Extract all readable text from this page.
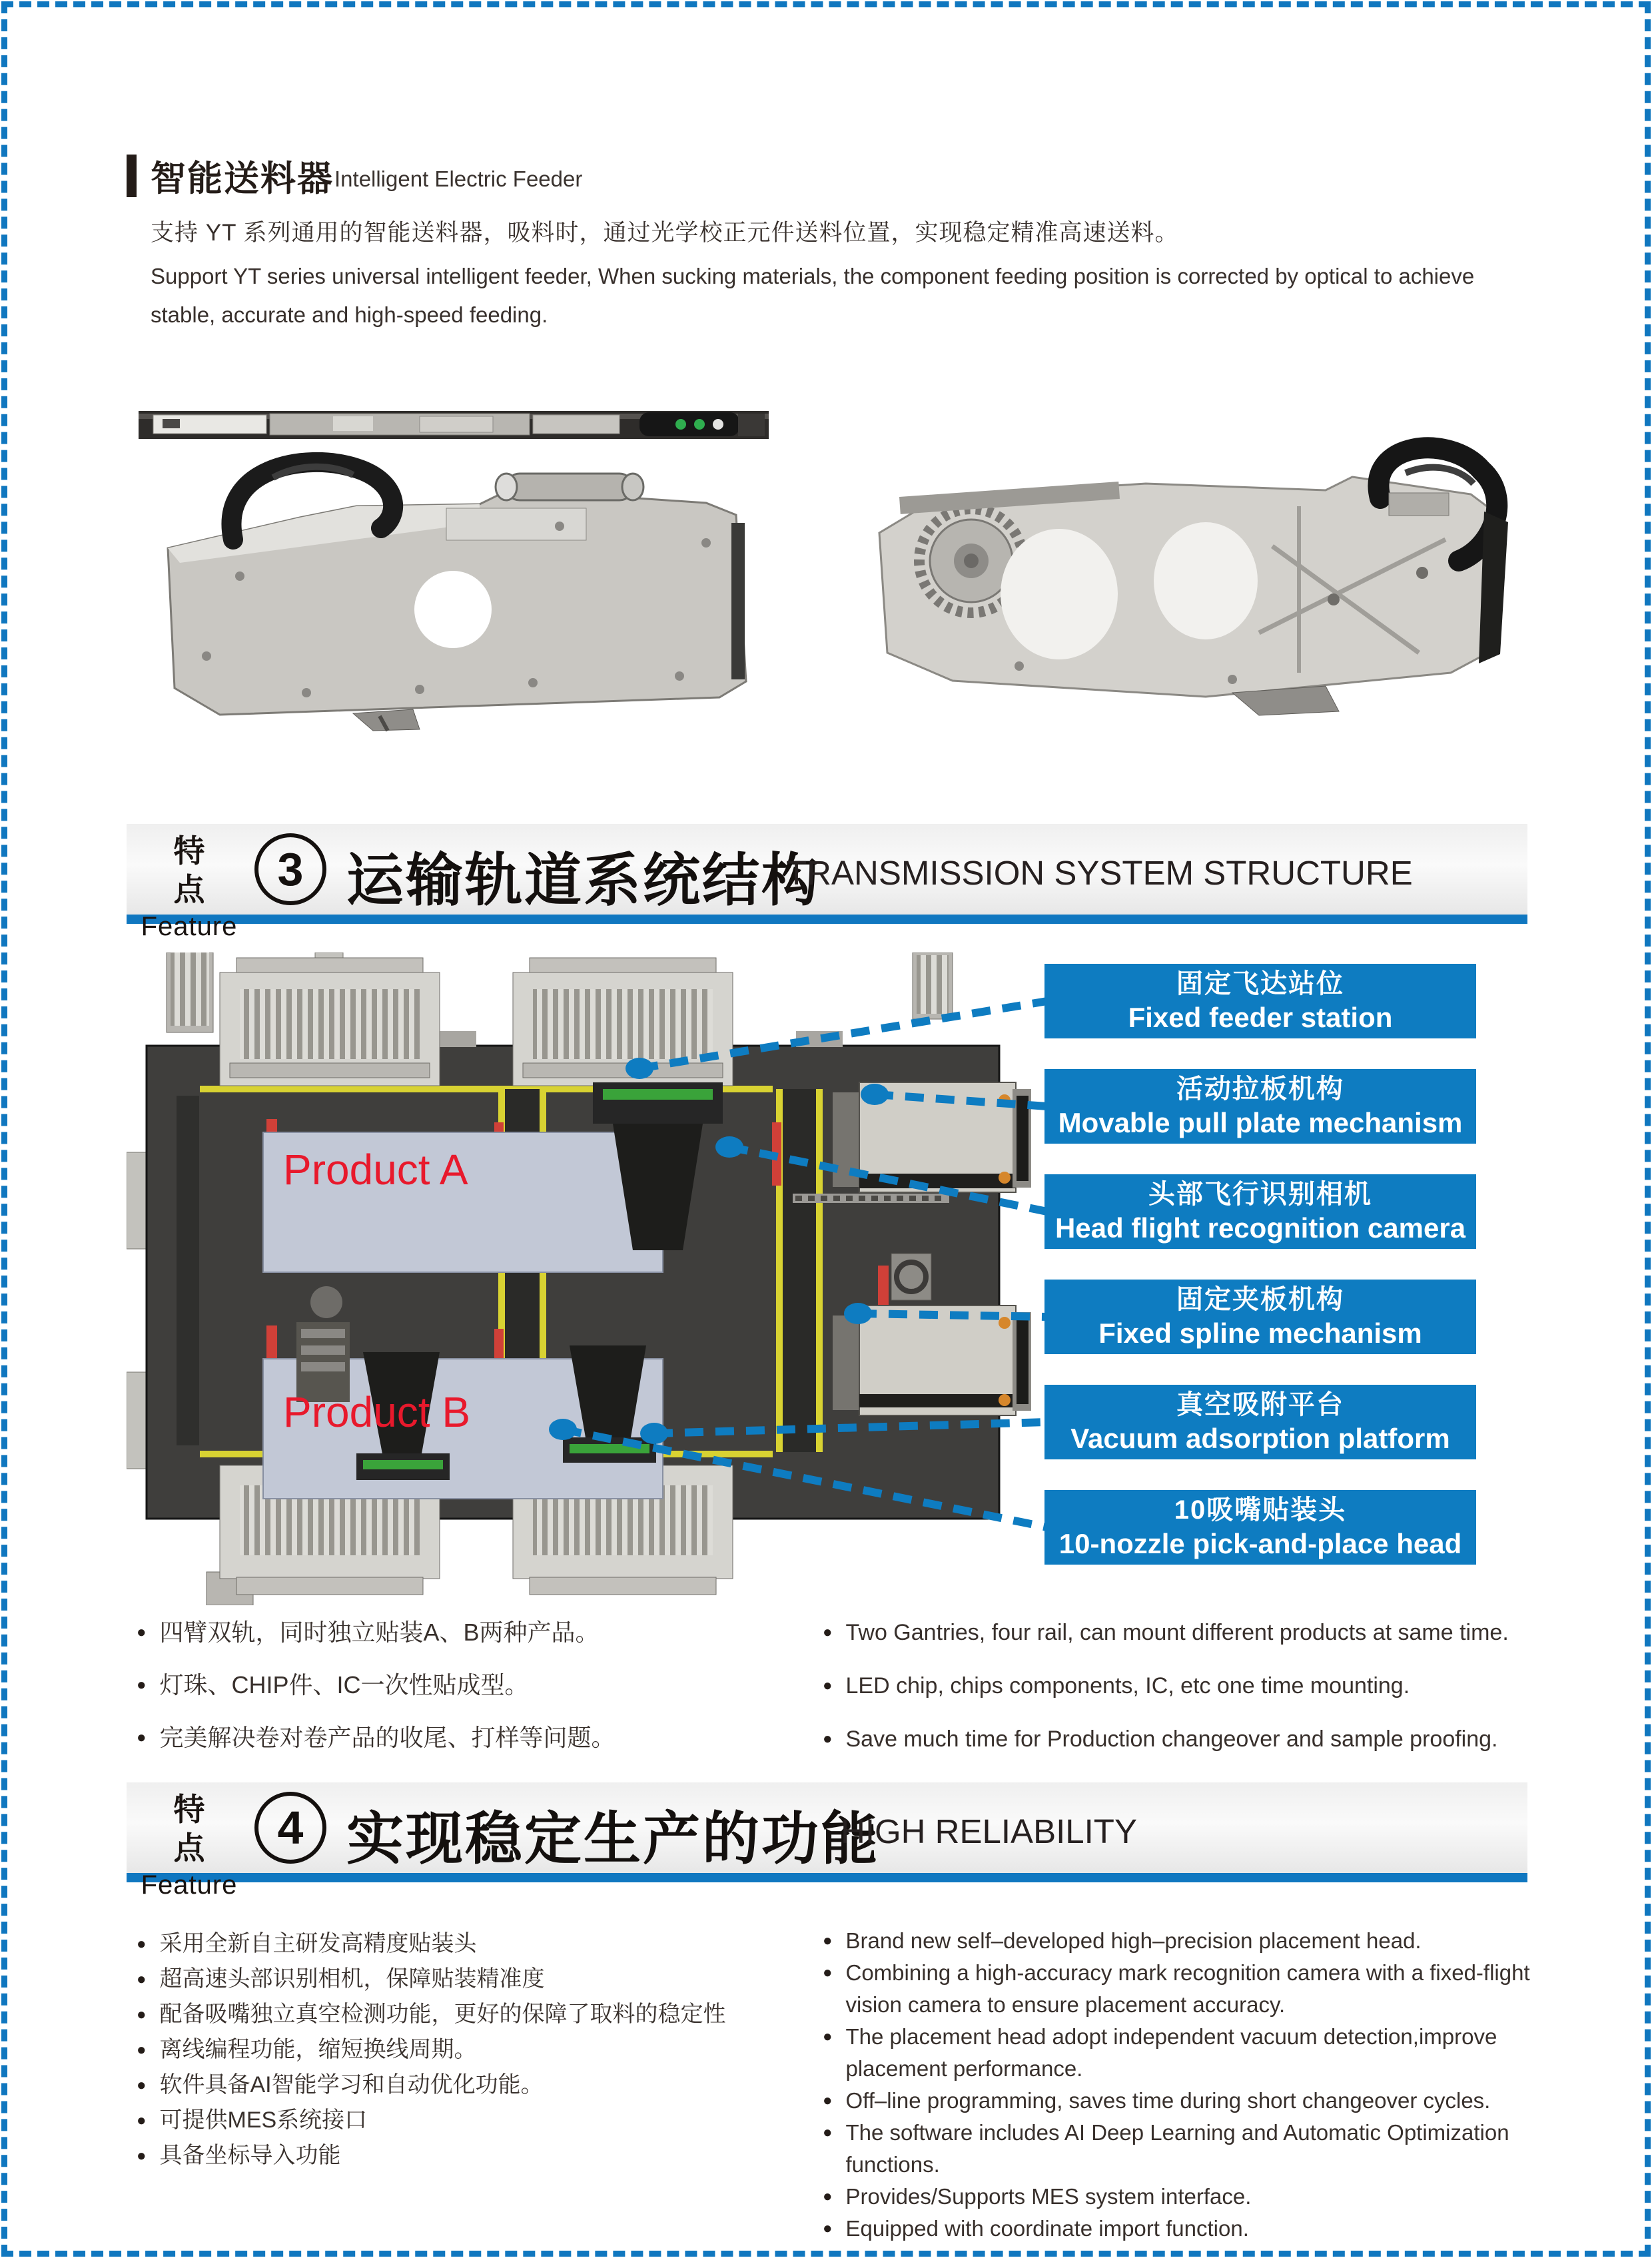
智能送料器 Intelligent Electric Feeder
支持 YT 系列通用的智能送料器，吸料时，通过光学校正元件送料位置，实现稳定精准高速送料。
Support YT series universal intelligent feeder, When sucking materials, the component feeding position is corrected by optical to achieve stable, accurate and high-speed feeding.
特点
Feature
3 运输轨道系统结构
TRANSMISSION SYSTEM STRUCTURE
Product A
Product B
固定飞达站位
Fixed feeder station
活动拉板机构
Movable pull plate mechanism
头部飞行识别相机
Head flight recognition camera
固定夹板机构
Fixed spline mechanism
真空吸附平台
Vacuum adsorption platform
10吸嘴贴装头
10-nozzle pick-and-place head
● 四臂双轨，同时独立贴装A、B两种产品。
● 灯珠、CHIP件、IC一次性贴成型。
● 完美解决卷对卷产品的收尾、打样等问题。
● Two Gantries, four rail, can mount different products at same time.
● LED chip, chips components, IC, etc one time mounting.
● Save much time for Production changeover and sample proofing.
特点
Feature
4 实现稳定生产的功能
HIGH RELIABILITY
● 采用全新自主研发高精度贴装头
● 超高速头部识别相机，保障贴装精准度
● 配备吸嘴独立真空检测功能，更好的保障了取料的稳定性
● 离线编程功能，缩短换线周期。
● 软件具备AI智能学习和自动优化功能。
● 可提供MES系统接口
● 具备坐标导入功能
● Brand new self–developed high–precision placement head.
● Combining a high-accuracy mark recognition camera with a fixed-flight vision camera to ensure placement accuracy.
● The placement head adopt independent vacuum detection,improve placement performance.
● Off–line programming, saves time during short changeover cycles.
● The software includes AI Deep Learning and Automatic Optimization functions.
● Provides/Supports MES system interface.
● Equipped with coordinate import function.
